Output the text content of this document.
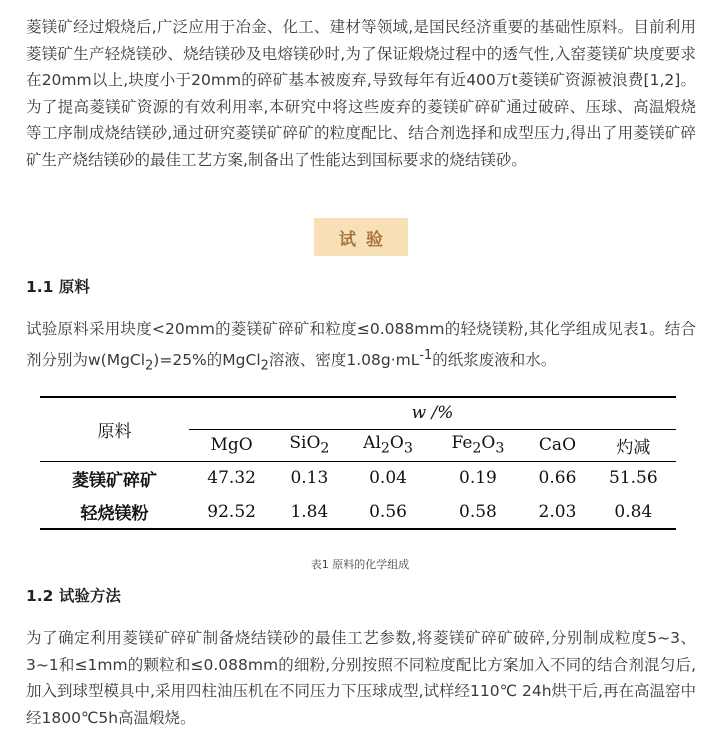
菱镁矿经过煅烧后,广泛应用于冶金、化工、建材等领域,是国民经济重要的基础性原料。目前利用菱镁矿生产轻烧镁砂、烧结镁砂及电熔镁砂时,为了保证煅烧过程中的透气性,入窑菱镁矿块度要求在20mm以上,块度小于20mm的碎矿基本被废弃,导致每年有近400万t菱镁矿资源被浪费[1,2]。为了提高菱镁矿资源的有效利用率,本研究中将这些废弃的菱镁矿碎矿通过破碎、压球、高温煅烧等工序制成烧结镁砂,通过研究菱镁矿碎矿的粒度配比、结合剂选择和成型压力,得出了用菱镁矿碎矿生产烧结镁砂的最佳工艺方案,制备出了性能达到国标要求的烧结镁砂。

试验
1.1 原料

试验原料采用块度<20mm的菱镁矿碎矿和粒度≤0.088mm的轻烧镁粉,其化学组成见表1。结合剂分别为w(MgCl$_2$)=25%的MgCl$_2$溶液、密度$1.08g\cdot mL^{-1}$的纸浆废液和水。

原料	w /%					
	MgO	SiO$_2$	$Al_2O_3$	$Fe_2O_3$	CaO	灼减
菱镁矿碎矿	47.32	0.13	0.04	0.19	0.66	51.56
轻烧镁粉	92.52	1.84	0.56	0.58	2.03	0.84
表1 原料的化学组成
1.2 试验方法

为了确定利用菱镁矿碎矿制备烧结镁砂的最佳工艺参数,将菱镁矿碎矿破碎,分别制成粒度5~3、3~1和≤1mm的颗粒和≤0.088mm的细粉,分别按照不同粒度配比方案加入不同的结合剂混匀后,加入到球型模具中,采用四柱油压机在不同压力下压球成型,试样经110℃ 24h烘干后,再在高温窑中经1800℃5h高温煅烧。
